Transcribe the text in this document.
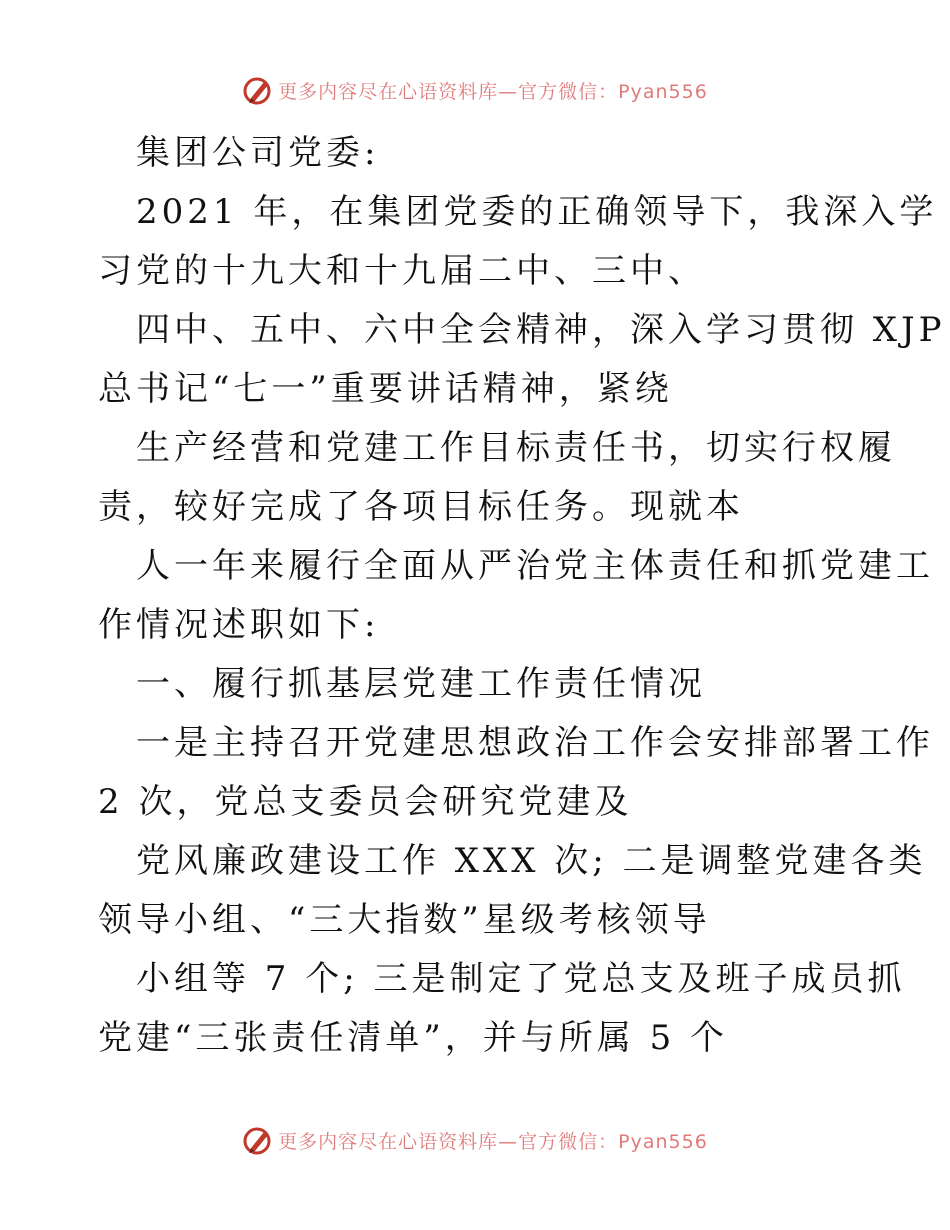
更多内容尽在心语资料库—官方微信：Pyan556
集团公司党委:
2021 年，在集团党委的正确领导下，我深入学
习党的十九大和十九届二中、三中、
四中、五中、六中全会精神，深入学习贯彻 XJP
总书记“七一”重要讲话精神，紧绕
生产经营和党建工作目标责任书，切实行权履
责，较好完成了各项目标任务。现就本
人一年来履行全面从严治党主体责任和抓党建工
作情况述职如下:
一、履行抓基层党建工作责任情况
一是主持召开党建思想政治工作会安排部署工作
2 次，党总支委员会研究党建及
党风廉政建设工作 XXX 次; 二是调整党建各类
领导小组、“三大指数”星级考核领导
小组等 7 个; 三是制定了党总支及班子成员抓
党建“三张责任清单”，并与所属 5 个
更多内容尽在心语资料库—官方微信：Pyan556
